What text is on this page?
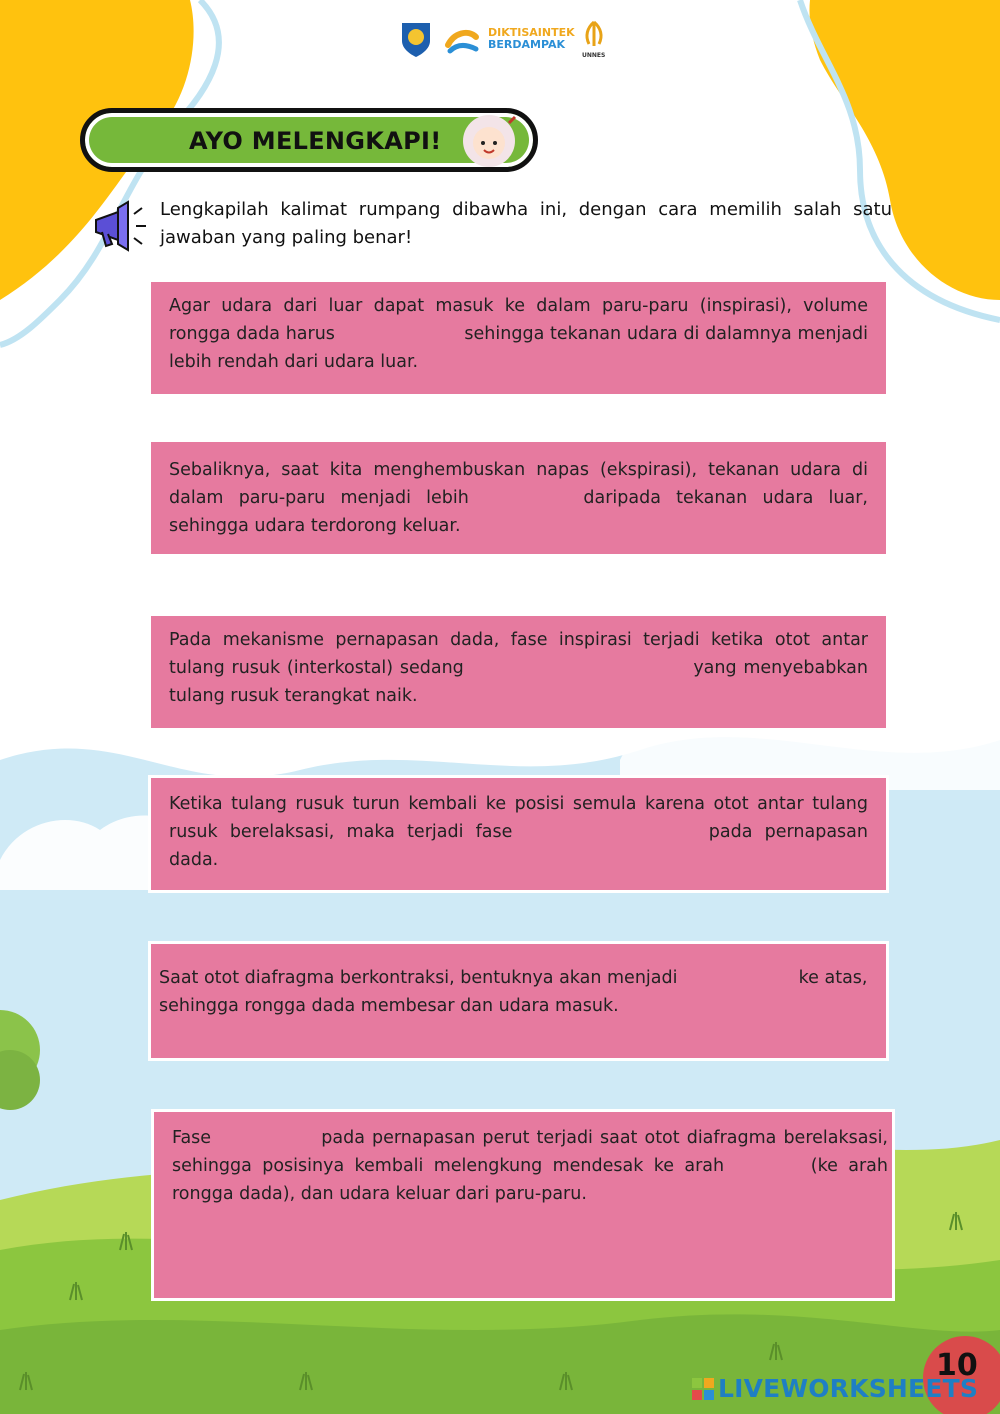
DIKTISAINTEK
BERDAMPAK
UNNES
AYO MELENGKAPI!
Lengkapilah kalimat rumpang dibawha ini, dengan cara memilih salah satu jawaban yang paling benar!
Agar udara dari luar dapat masuk ke dalam paru-paru (inspirasi), volume rongga dada harus	sehingga tekanan udara di dalamnya menjadi lebih rendah dari udara luar.
Sebaliknya, saat kita menghembuskan napas (ekspirasi), tekanan udara di dalam paru-paru menjadi lebih	daripada tekanan udara luar, sehingga udara terdorong keluar.
Pada mekanisme pernapasan dada, fase inspirasi terjadi ketika otot antar tulang rusuk (interkostal) sedang	yang menyebabkan tulang rusuk terangkat naik.
Ketika tulang rusuk turun kembali ke posisi semula karena otot antar tulang rusuk berelaksasi, maka terjadi fase	pada pernapasan dada.
Saat otot diafragma berkontraksi, bentuknya akan menjadi	ke atas, sehingga rongga dada membesar dan udara masuk.
Fase	pada pernapasan perut terjadi saat otot diafragma berelaksasi, sehingga posisinya kembali melengkung mendesak ke arah	(ke arah rongga dada), dan udara keluar dari paru-paru.
10
LIVEWORKSHEETS
